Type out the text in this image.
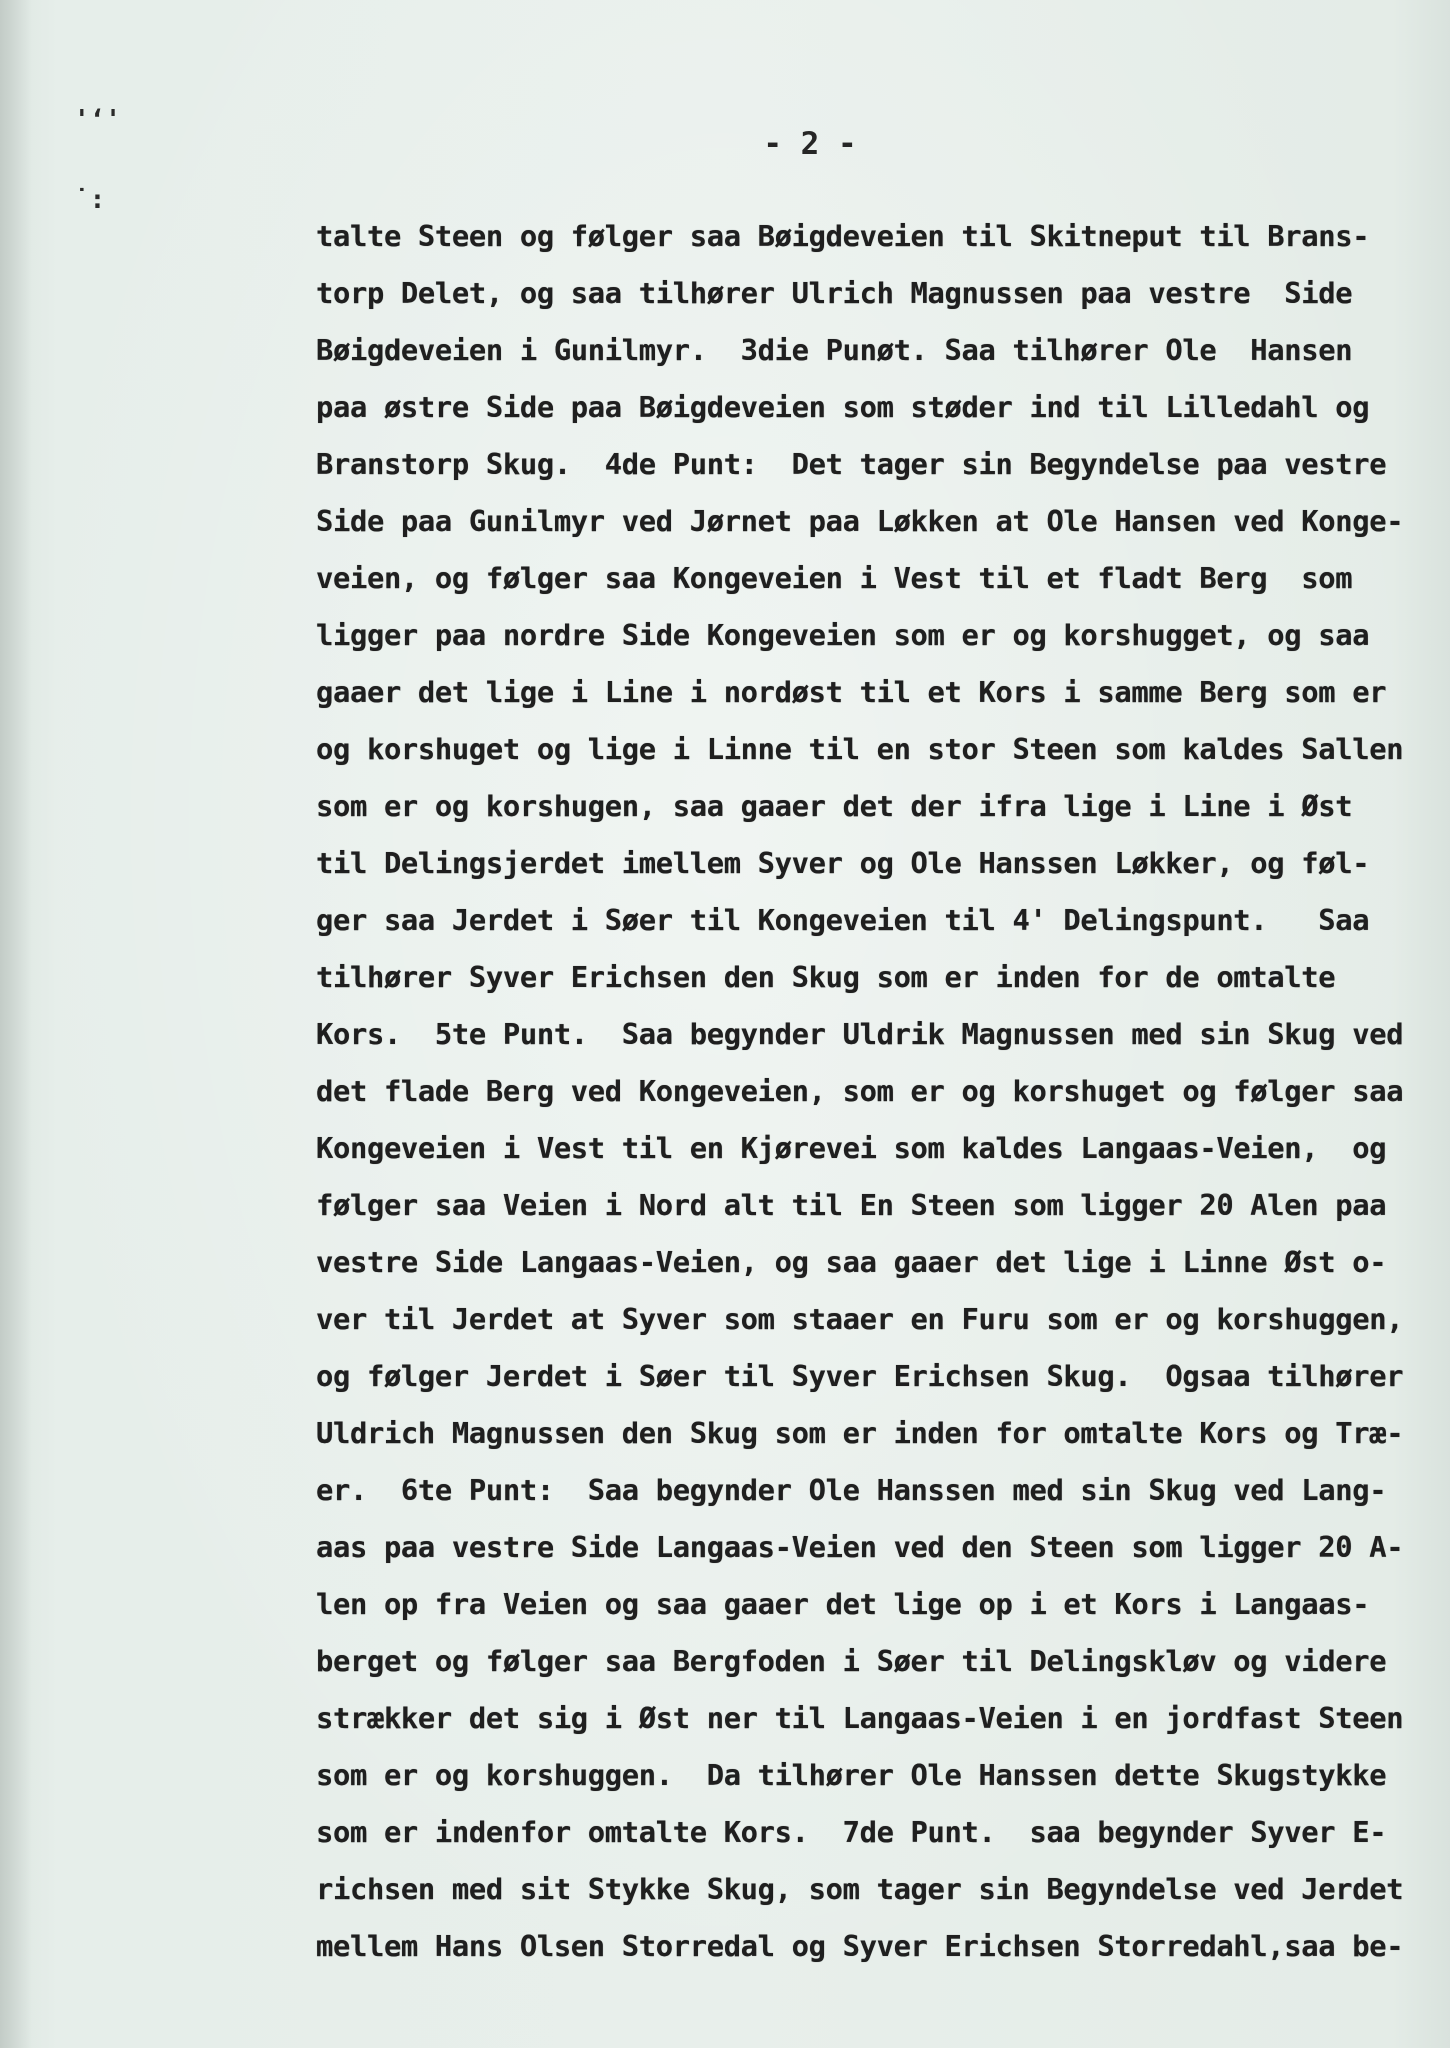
'‘'
˙:
- 2 -
talte Steen og følger saa Bøigdeveien til Skitneput til Brans-
torp Delet, og saa tilhører Ulrich Magnussen paa vestre  Side
Bøigdeveien i Gunilmyr.  3die Punøt. Saa tilhører Ole  Hansen
paa østre Side paa Bøigdeveien som støder ind til Lilledahl og
Branstorp Skug.  4de Punt:  Det tager sin Begyndelse paa vestre
Side paa Gunilmyr ved Jørnet paa Løkken at Ole Hansen ved Konge-
veien, og følger saa Kongeveien i Vest til et fladt Berg  som
ligger paa nordre Side Kongeveien som er og korshugget, og saa
gaaer det lige i Line i nordøst til et Kors i samme Berg som er
og korshuget og lige i Linne til en stor Steen som kaldes Sallen
som er og korshugen, saa gaaer det der ifra lige i Line i Øst
til Delingsjerdet imellem Syver og Ole Hanssen Løkker, og føl-
ger saa Jerdet i Søer til Kongeveien til 4' Delingspunt.   Saa
tilhører Syver Erichsen den Skug som er inden for de omtalte
Kors.  5te Punt.  Saa begynder Uldrik Magnussen med sin Skug ved
det flade Berg ved Kongeveien, som er og korshuget og følger saa
Kongeveien i Vest til en Kjørevei som kaldes Langaas-Veien,  og
følger saa Veien i Nord alt til En Steen som ligger 20 Alen paa
vestre Side Langaas-Veien, og saa gaaer det lige i Linne Øst o-
ver til Jerdet at Syver som staaer en Furu som er og korshuggen,
og følger Jerdet i Søer til Syver Erichsen Skug.  Ogsaa tilhører
Uldrich Magnussen den Skug som er inden for omtalte Kors og Træ-
er.  6te Punt:  Saa begynder Ole Hanssen med sin Skug ved Lang-
aas paa vestre Side Langaas-Veien ved den Steen som ligger 20 A-
len op fra Veien og saa gaaer det lige op i et Kors i Langaas-
berget og følger saa Bergfoden i Søer til Delingskløv og videre
strækker det sig i Øst ner til Langaas-Veien i en jordfast Steen
som er og korshuggen.  Da tilhører Ole Hanssen dette Skugstykke
som er indenfor omtalte Kors.  7de Punt.  saa begynder Syver E-
richsen med sit Stykke Skug, som tager sin Begyndelse ved Jerdet
mellem Hans Olsen Storredal og Syver Erichsen Storredahl,saa be-
